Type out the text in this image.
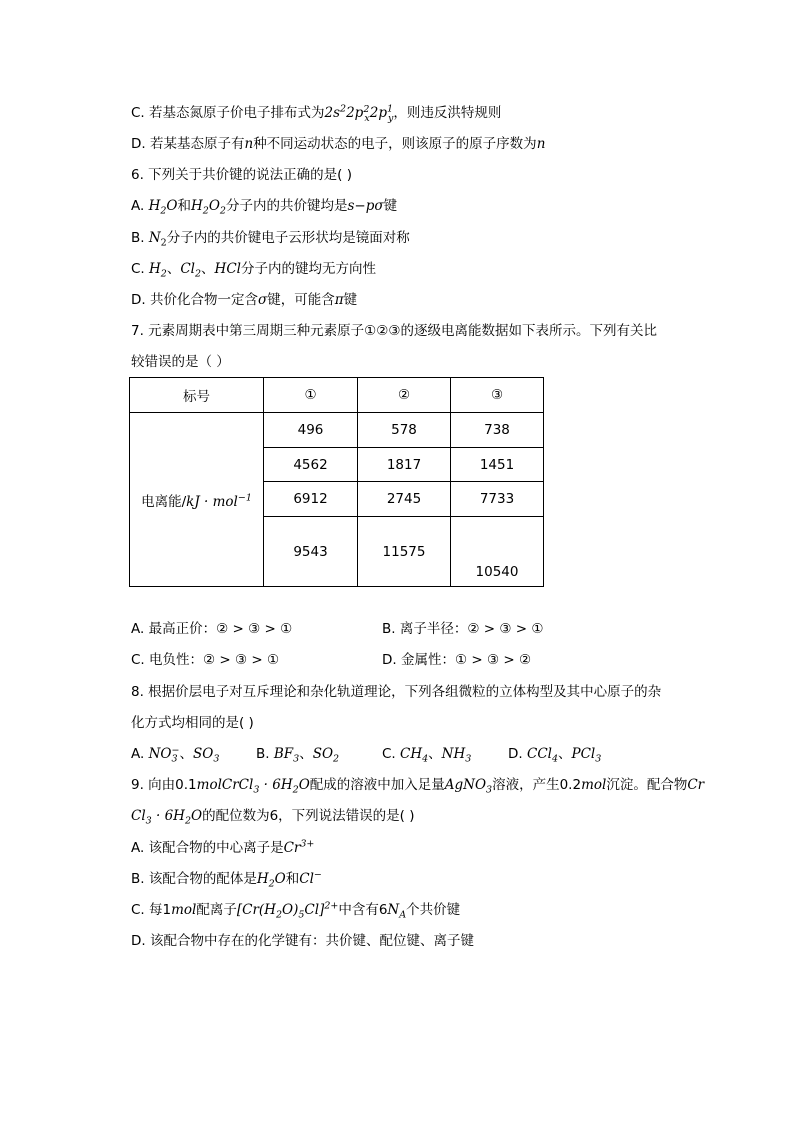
C. 若基态氮原子价电子排布式为$2s^22p^2_x2p^1_y$，则违反洪特规则
D. 若某基态原子有n种不同运动状态的电子，则该原子的原子序数为n
6. 下列关于共价键的说法正确的是( )
A. $H_2O$和$H_2O_2$分子内的共价键均是s−pσ键
B. $N_2$分子内的共价键电子云形状均是镜面对称
C. $H_2$、$Cl_2$、HCl分子内的键均无方向性
D. 共价化合物一定含σ键，可能含π键
7. 元素周期表中第三周期三种元素原子①②③的逐级电离能数据如下表所示。下列有关比
较错误的是（ ）
标号	①	②	③
电离能/kJ · mol$^{-1}$	496	578	738
	4562	1817	1451
	6912	2745	7733
	9543	11575	10540
A. 最高正价：② > ③ > ①	B. 离子半径：② > ③ > ①
C. 电负性：② > ③ > ①	D. 金属性：① > ③ > ②
8. 根据价层电子对互斥理论和杂化轨道理论，下列各组微粒的立体构型及其中心原子的杂
化方式均相同的是( )
A. $NO_3^-$、$SO_3$	B. $BF_3$、$SO_2$	C. $CH_4$、$NH_3$	D. CCl$_4$、PCl$_3$
9. 向由0.1molCrCl$_3$ · $6H_2O$配成的溶液中加入足量AgNO$_3$溶液，产生0.2mol沉淀。配合物Cr
$Cl_3 \cdot 6H_2O$的配位数为6，下列说法错误的是( )
A. 该配合物的中心离子是$Cr^{3+}$
B. 该配合物的配体是$H_2O$和Cl−
C. 每1mol配离子$[Cr(H_2O)_5Cl]^{2+}$中含有$6N_A$个共价键
D. 该配合物中存在的化学键有：共价键、配位键、离子键
